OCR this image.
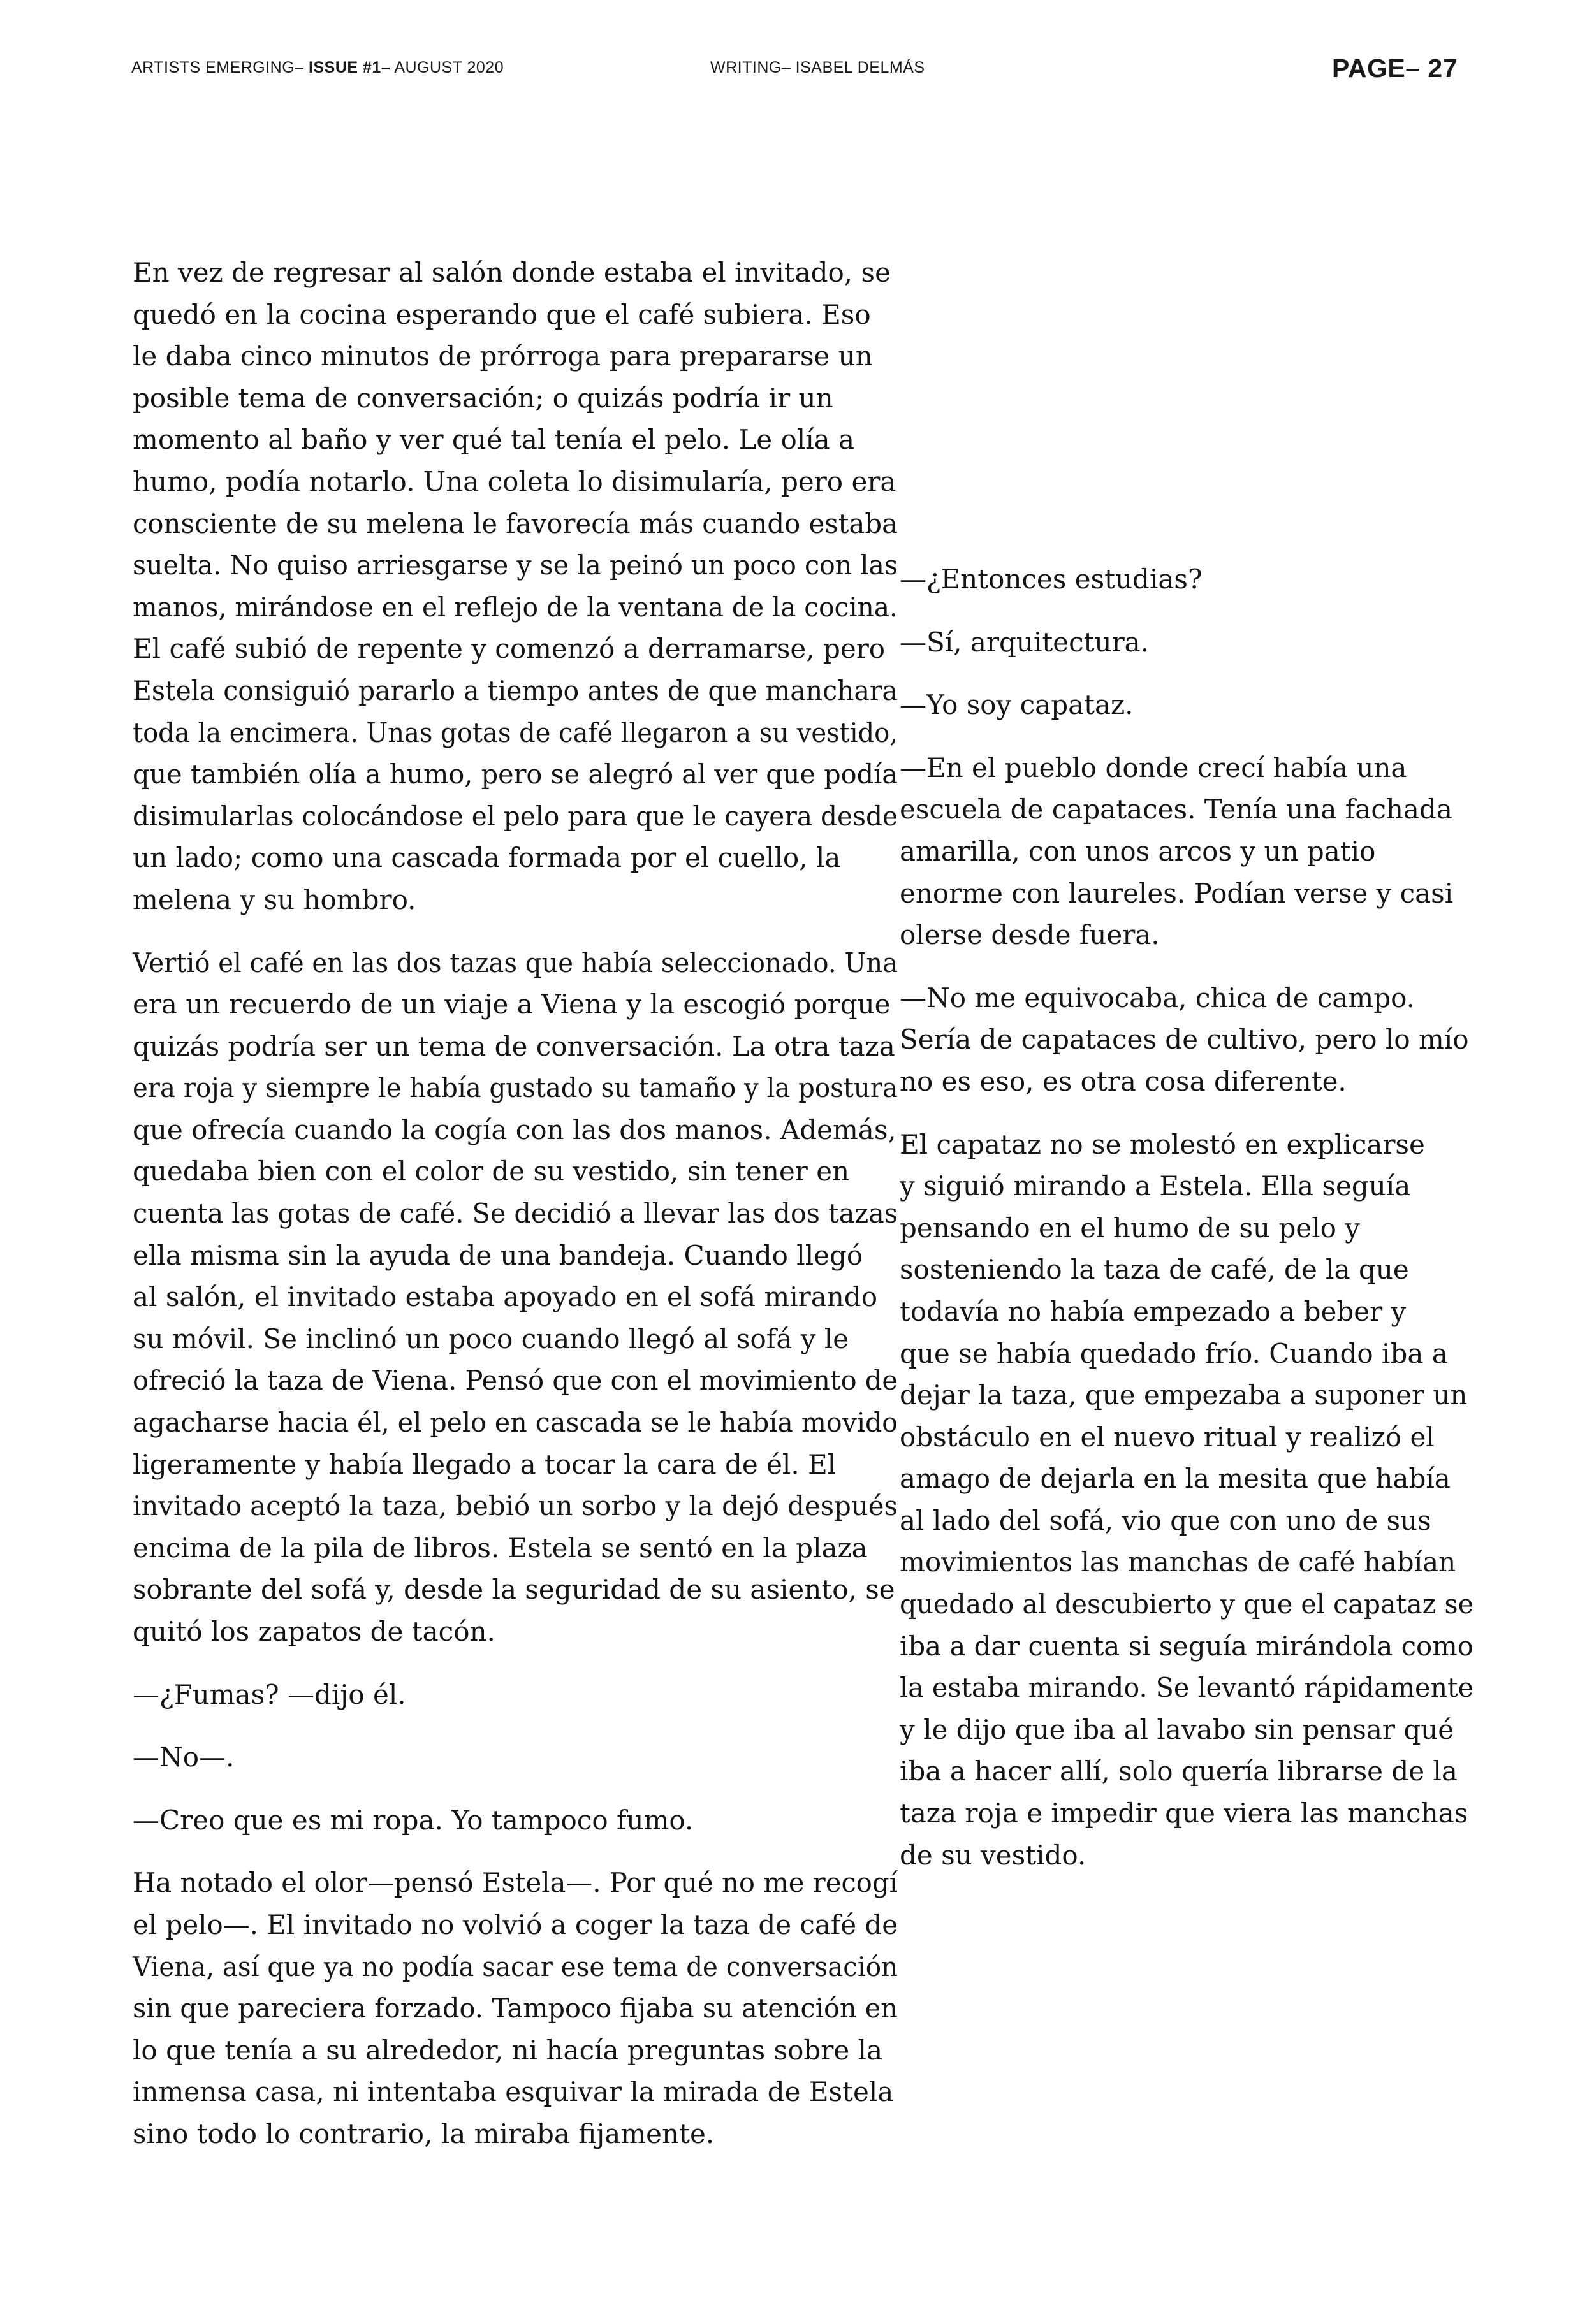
ARTISTS EMERGING– ISSUE #1– AUGUST 2020	WRITING– ISABEL DELMÁS	PAGE– 27

En vez de regresar al salón donde estaba el invitado, se
quedó en la cocina esperando que el café subiera. Eso
le daba cinco minutos de prórroga para prepararse un
posible tema de conversación; o quizás podría ir un
momento al baño y ver qué tal tenía el pelo. Le olía a
humo, podía notarlo. Una coleta lo disimularía, pero era
consciente de su melena le favorecía más cuando estaba
suelta. No quiso arriesgarse y se la peinó un poco con las
manos, mirándose en el reflejo de la ventana de la cocina.
El café subió de repente y comenzó a derramarse, pero
Estela consiguió pararlo a tiempo antes de que manchara
toda la encimera. Unas gotas de café llegaron a su vestido,
que también olía a humo, pero se alegró al ver que podía
disimularlas colocándose el pelo para que le cayera desde
un lado; como una cascada formada por el cuello, la
melena y su hombro.

Vertió el café en las dos tazas que había seleccionado. Una
era un recuerdo de un viaje a Viena y la escogió porque
quizás podría ser un tema de conversación. La otra taza
era roja y siempre le había gustado su tamaño y la postura
que ofrecía cuando la cogía con las dos manos. Además,
quedaba bien con el color de su vestido, sin tener en
cuenta las gotas de café. Se decidió a llevar las dos tazas
ella misma sin la ayuda de una bandeja. Cuando llegó
al salón, el invitado estaba apoyado en el sofá mirando
su móvil. Se inclinó un poco cuando llegó al sofá y le
ofreció la taza de Viena. Pensó que con el movimiento de
agacharse hacia él, el pelo en cascada se le había movido
ligeramente y había llegado a tocar la cara de él. El
invitado aceptó la taza, bebió un sorbo y la dejó después
encima de la pila de libros. Estela se sentó en la plaza
sobrante del sofá y, desde la seguridad de su asiento, se
quitó los zapatos de tacón.

—¿Fumas? —dijo él.

—No—.

—Creo que es mi ropa. Yo tampoco fumo.

Ha notado el olor—pensó Estela—. Por qué no me recogí
el pelo—. El invitado no volvió a coger la taza de café de
Viena, así que ya no podía sacar ese tema de conversación
sin que pareciera forzado. Tampoco fijaba su atención en
lo que tenía a su alrededor, ni hacía preguntas sobre la
inmensa casa, ni intentaba esquivar la mirada de Estela
sino todo lo contrario, la miraba fijamente.

—¿Entonces estudias?

—Sí, arquitectura.

—Yo soy capataz.

—En el pueblo donde crecí había una
escuela de capataces. Tenía una fachada
amarilla, con unos arcos y un patio
enorme con laureles. Podían verse y casi
olerse desde fuera.

—No me equivocaba, chica de campo.
Sería de capataces de cultivo, pero lo mío
no es eso, es otra cosa diferente.

El capataz no se molestó en explicarse
y siguió mirando a Estela. Ella seguía
pensando en el humo de su pelo y
sosteniendo la taza de café, de la que
todavía no había empezado a beber y
que se había quedado frío. Cuando iba a
dejar la taza, que empezaba a suponer un
obstáculo en el nuevo ritual y realizó el
amago de dejarla en la mesita que había
al lado del sofá, vio que con uno de sus
movimientos las manchas de café habían
quedado al descubierto y que el capataz se
iba a dar cuenta si seguía mirándola como
la estaba mirando. Se levantó rápidamente
y le dijo que iba al lavabo sin pensar qué
iba a hacer allí, solo quería librarse de la
taza roja e impedir que viera las manchas
de su vestido.
